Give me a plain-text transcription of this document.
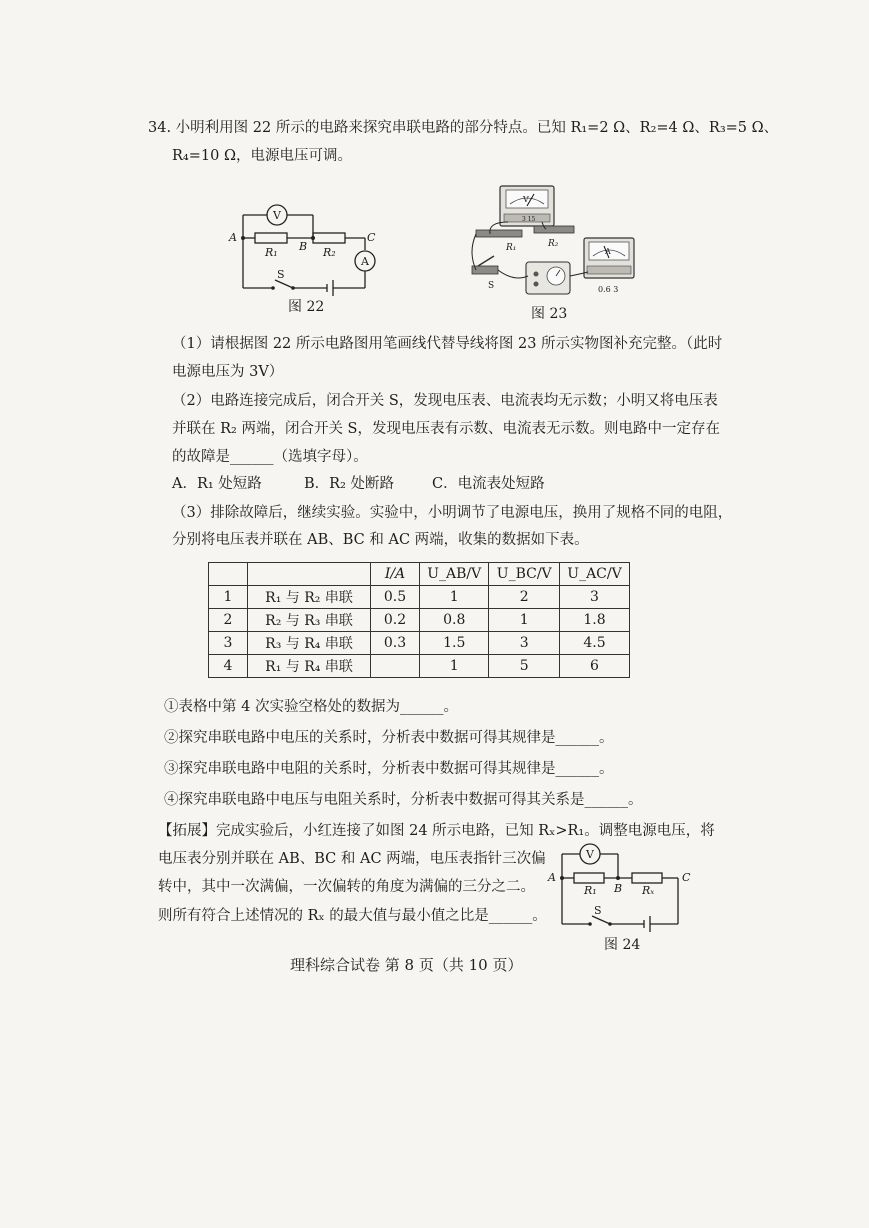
34. 小明利用图 22 所示的电路来探究串联电路的部分特点。已知 R₁=2 Ω、R₂=4 Ω、R₃=5 Ω、
R₄=10 Ω，电源电压可调。
V
A
A
B
C
R₁	R₂
S
图 22
V
3 15
R₁	R₂
A
0.6 3
S
图 23
（1）请根据图 22 所示电路图用笔画线代替导线将图 23 所示实物图补充完整。（此时
电源电压为 3V）
（2）电路连接完成后，闭合开关 S，发现电压表、电流表均无示数；小明又将电压表
并联在 R₂ 两端，闭合开关 S，发现电压表有示数、电流表无示数。则电路中一定存在
的故障是______（选填字母）。
A．R₁ 处短路	B．R₂ 处断路	C．电流表处短路
（3）排除故障后，继续实验。实验中，小明调节了电源电压，换用了规格不同的电阻，
分别将电压表并联在 AB、BC 和 AC 两端，收集的数据如下表。
		I/A	U_AB/V	U_BC/V	U_AC/V
1	R₁ 与 R₂ 串联	0.5	1	2	3
2	R₂ 与 R₃ 串联	0.2	0.8	1	1.8
3	R₃ 与 R₄ 串联	0.3	1.5	3	4.5
4	R₁ 与 R₄ 串联		1	5	6
①表格中第 4 次实验空格处的数据为______。
②探究串联电路中电压的关系时，分析表中数据可得其规律是______。
③探究串联电路中电阻的关系时，分析表中数据可得其规律是______。
④探究串联电路中电压与电阻关系时，分析表中数据可得其关系是______。
【拓展】完成实验后，小红连接了如图 24 所示电路，已知 Rₓ>R₁。调整电源电压，将
电压表分别并联在 AB、BC 和 AC 两端，电压表指针三次偏
转中，其中一次满偏，一次偏转的角度为满偏的三分之二。
则所有符合上述情况的 Rₓ 的最大值与最小值之比是______。
V
A
B
C
R₁	Rₓ
S
图 24
理科综合试卷 第 8 页（共 10 页）
